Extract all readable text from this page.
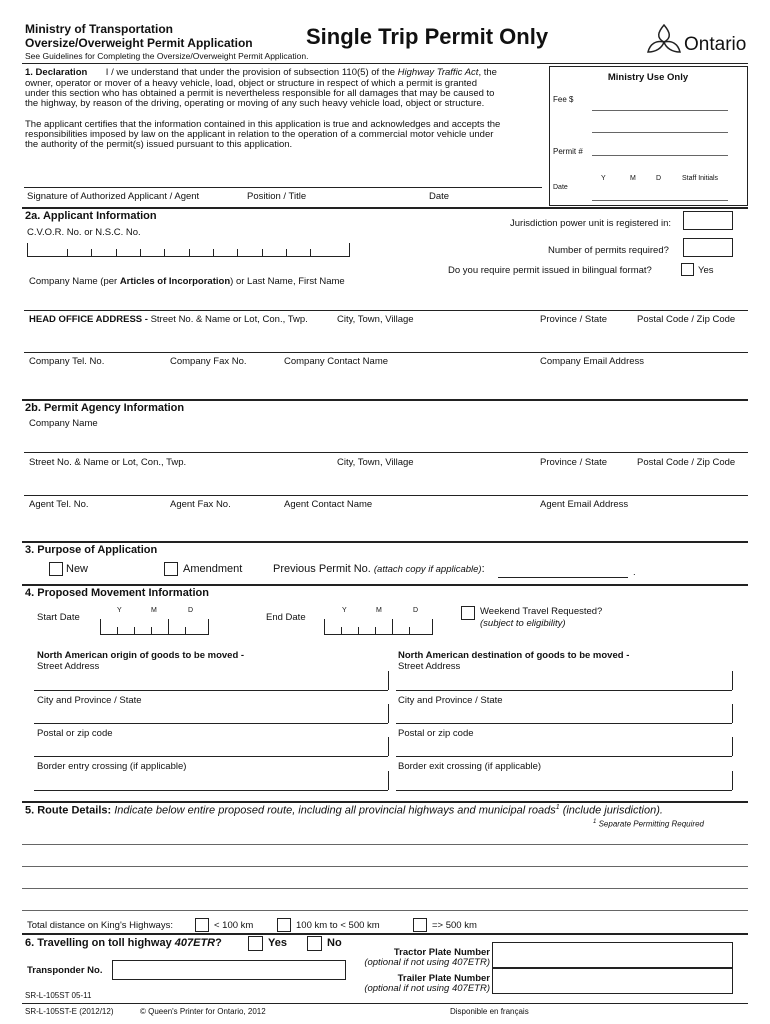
Ministry of Transportation
Oversize/Overweight Permit Application Single Trip Permit Only
See Guidelines for Completing the Oversize/Overweight Permit Application.
Ontario
1. Declaration I / we understand that under the provision of subsection 110(5) of the Highway Traffic Act, the
owner, operator or mover of a heavy vehicle, load, object or structure in respect of which a permit is granted
under this section who has obtained a permit is nevertheless responsible for all damages that may be caused to
the highway, by reason of the driving, operating or moving of any such heavy vehicle load, object or structure.
The applicant certifies that the information contained in this application is true and acknowledges and accepts the
responsibilities imposed by law on the applicant in relation to the operation of a commercial motor vehicle under
the authority of the permit(s) issued pursuant to this application.
Signature of Authorized Applicant / Agent	Position / Title	Date
Ministry Use Only
Fee $
Permit #
Y	M	D	Staff Initials
Date
2a. Applicant Information
C.V.O.R. No. or N.S.C. No.
Jurisdiction power unit is registered in:
Number of permits required?
Do you require permit issued in bilingual format?	Yes
Company Name (per Articles of Incorporation) or Last Name, First Name
HEAD OFFICE ADDRESS - Street No. & Name or Lot, Con., Twp.	City, Town, Village	Province / State	Postal Code / Zip Code
Company Tel. No.	Company Fax No.	Company Contact Name	Company Email Address
2b. Permit Agency Information
Company Name
Street No. & Name or Lot, Con., Twp.	City, Town, Village	Province / State	Postal Code / Zip Code
Agent Tel. No.	Agent Fax No.	Agent Contact Name	Agent Email Address
3. Purpose of Application
New	Amendment	Previous Permit No. (attach copy if applicable):	.
4. Proposed Movement Information
Y	M	D
Start Date
Y	M	D
End Date
Weekend Travel Requested?
(subject to eligibility)
North American origin of goods to be moved -
Street Address
North American destination of goods to be moved -
Street Address
City and Province / State	City and Province / State
Postal or zip code	Postal or zip code
Border entry crossing (if applicable)	Border exit crossing (if applicable)
5. Route Details: Indicate below entire proposed route, including all provincial highways and municipal roads$^1$ (include jurisdiction).
$^1$ Separate Permitting Required
Total distance on King's Highways:	< 100 km	100 km to < 500 km	=> 500 km
6. Travelling on toll highway 407ETR?	Yes	No
Transponder No.
Tractor Plate Number
(optional if not using 407ETR)
Trailer Plate Number
(optional if not using 407ETR)
SR-L-105ST 05-11
SR-L-105ST-E (2012/12)	© Queen's Printer for Ontario, 2012	Disponible en français
